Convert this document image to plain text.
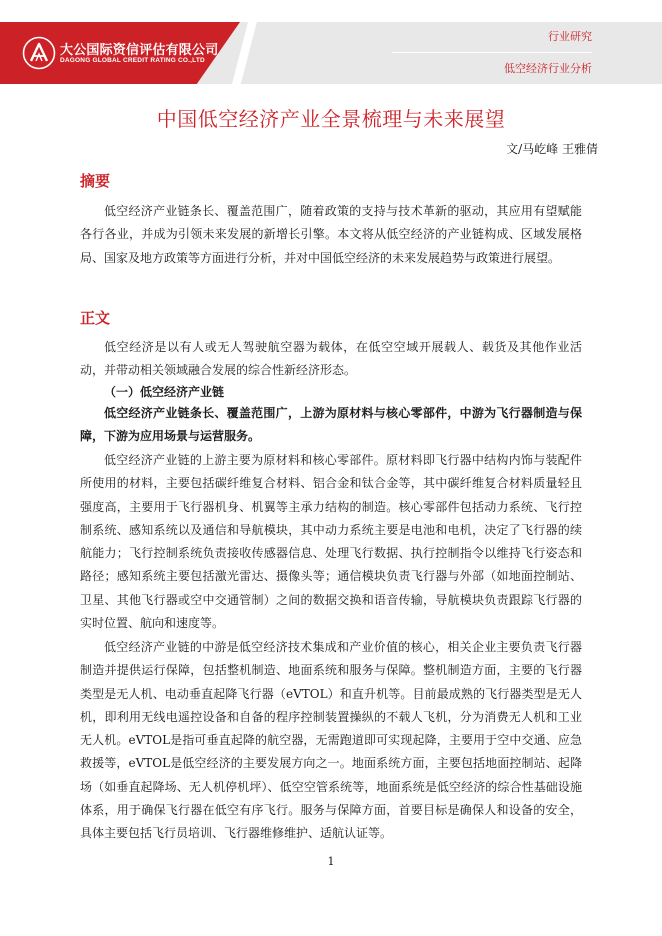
大公国际资信评估有限公司
DAGONG GLOBAL CREDIT RATING CO.,LTD
行业研究
低空经济行业分析
中国低空经济产业全景梳理与未来展望
文/马屹峰 王雅倩
摘要

低空经济产业链条长、覆盖范围广，随着政策的支持与技术革新的驱动，其应用有望赋能各行各业，并成为引领未来发展的新增长引擎。本文将从低空经济的产业链构成、区域发展格局、国家及地方政策等方面进行分析，并对中国低空经济的未来发展趋势与政策进行展望。

正文

低空经济是以有人或无人驾驶航空器为载体，在低空空域开展载人、载货及其他作业活动，并带动相关领域融合发展的综合性新经济形态。

（一）低空经济产业链

低空经济产业链条长、覆盖范围广，上游为原材料与核心零部件，中游为飞行器制造与保障，下游为应用场景与运营服务。

低空经济产业链的上游主要为原材料和核心零部件。原材料即飞行器中结构内饰与装配件所使用的材料，主要包括碳纤维复合材料、铝合金和钛合金等，其中碳纤维复合材料质量轻且强度高，主要用于飞行器机身、机翼等主承力结构的制造。核心零部件包括动力系统、飞行控制系统、感知系统以及通信和导航模块，其中动力系统主要是电池和电机，决定了飞行器的续航能力；飞行控制系统负责接收传感器信息、处理飞行数据、执行控制指令以维持飞行姿态和路径；感知系统主要包括激光雷达、摄像头等；通信模块负责飞行器与外部（如地面控制站、卫星、其他飞行器或空中交通管制）之间的数据交换和语音传输，导航模块负责跟踪飞行器的实时位置、航向和速度等。

低空经济产业链的中游是低空经济技术集成和产业价值的核心，相关企业主要负责飞行器制造并提供运行保障，包括整机制造、地面系统和服务与保障。整机制造方面，主要的飞行器类型是无人机、电动垂直起降飞行器（eVTOL）和直升机等。目前最成熟的飞行器类型是无人机，即利用无线电遥控设备和自备的程序控制装置操纵的不载人飞机，分为消费无人机和工业无人机。eVTOL是指可垂直起降的航空器，无需跑道即可实现起降，主要用于空中交通、应急救援等，eVTOL是低空经济的主要发展方向之一。地面系统方面，主要包括地面控制站、起降场（如垂直起降场、无人机停机坪）、低空空管系统等，地面系统是低空经济的综合性基础设施体系，用于确保飞行器在低空有序飞行。服务与保障方面，首要目标是确保人和设备的安全，具体主要包括飞行员培训、飞行器维修维护、适航认证等。

1
